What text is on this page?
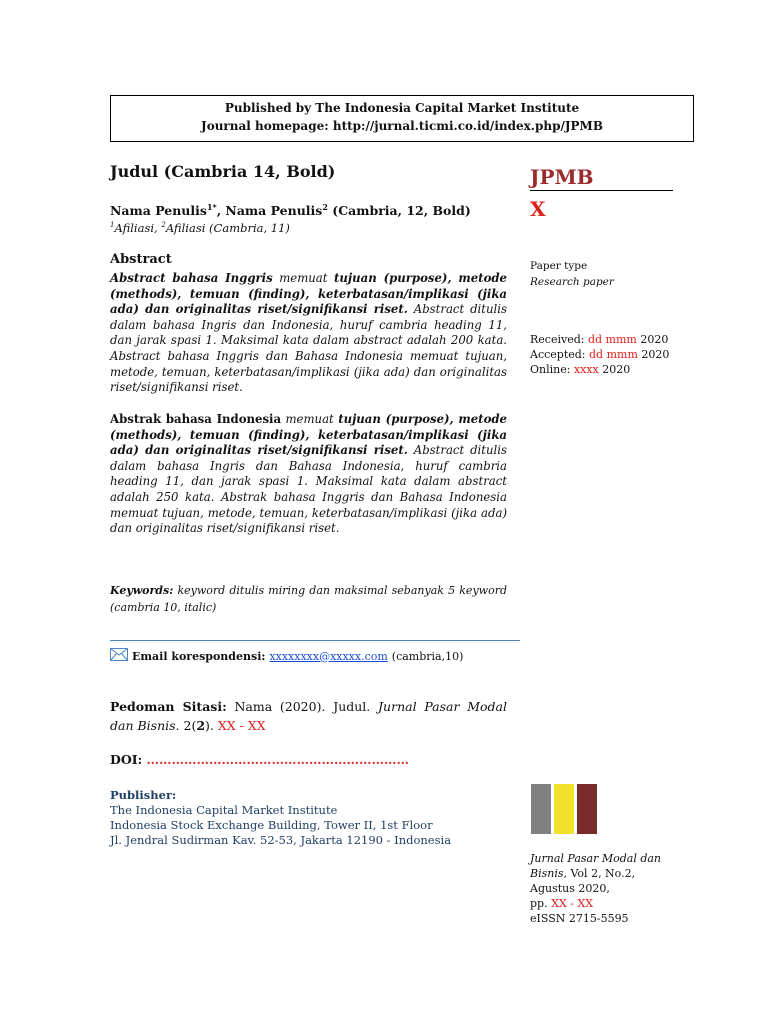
Published by The Indonesia Capital Market Institute
Journal homepage: http://jurnal.ticmi.co.id/index.php/JPMB
Judul (Cambria 14, Bold)
Nama Penulis$^{1*}$, Nama Penulis$^2$ (Cambria, 12, Bold)
$^1$Afiliasi, $^2$Afiliasi (Cambria, 11)
Abstract
Abstract bahasa Inggris memuat tujuan (purpose), metode (methods), temuan (finding), keterbatasan/implikasi (jika ada) dan originalitas riset/signifikansi riset. Abstract ditulis dalam bahasa Ingris dan Indonesia, huruf cambria heading 11, dan jarak spasi 1. Maksimal kata dalam abstract adalah 200 kata. Abstract bahasa Inggris dan Bahasa Indonesia memuat tujuan, metode, temuan, keterbatasan/implikasi (jika ada) dan originalitas riset/signifikansi riset.
Abstrak bahasa Indonesia memuat tujuan (purpose), metode (methods), temuan (finding), keterbatasan/implikasi (jika ada) dan originalitas riset/signifikansi riset. Abstract ditulis dalam bahasa Ingris dan Bahasa Indonesia, huruf cambria heading 11, dan jarak spasi 1. Maksimal kata dalam abstract adalah 250 kata. Abstrak bahasa Inggris dan Bahasa Indonesia memuat tujuan, metode, temuan, keterbatasan/implikasi (jika ada) dan originalitas riset/signifikansi riset.
Keywords: keyword ditulis miring dan maksimal sebanyak 5 keyword (cambria 10, italic)
Email korespondensi: xxxxxxxx@xxxxx.com (cambria,10)
Pedoman Sitasi: Nama (2020). Judul. Jurnal Pasar Modal dan Bisnis. 2(2). XX - XX
DOI: ………………………………………………………
Publisher:
The Indonesia Capital Market Institute
Indonesia Stock Exchange Building, Tower II, 1st Floor
Jl. Jendral Sudirman Kav. 52-53, Jakarta 12190 - Indonesia
JPMB
X
Paper type
Research paper
Received: dd mmm 2020
Accepted: dd mmm 2020
Online: xxxx 2020
Jurnal Pasar Modal dan Bisnis, Vol 2, No.2,
Agustus 2020,
pp. XX - XX
eISSN 2715-5595
